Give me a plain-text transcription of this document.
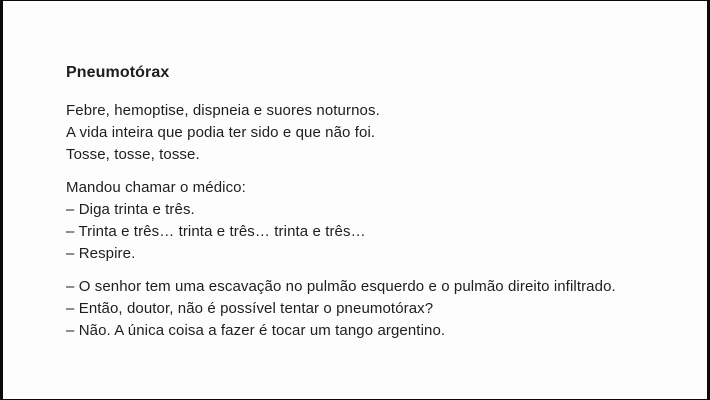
Pneumotórax

Febre, hemoptise, dispneia e suores noturnos.
A vida inteira que podia ter sido e que não foi.
Tosse, tosse, tosse.

Mandou chamar o médico:
– Diga trinta e três.
– Trinta e três… trinta e três… trinta e três…
– Respire.

– O senhor tem uma escavação no pulmão esquerdo e o pulmão direito infiltrado.
– Então, doutor, não é possível tentar o pneumotórax?
– Não. A única coisa a fazer é tocar um tango argentino.
